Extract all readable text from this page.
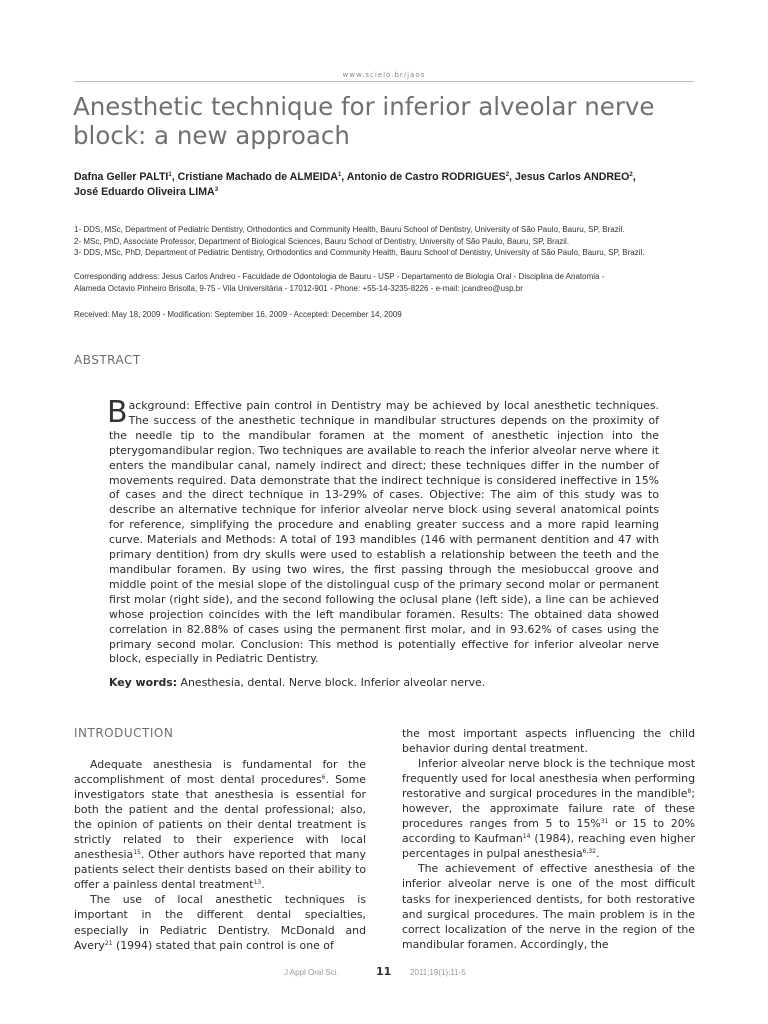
www.scielo.br/jaos
Anesthetic technique for inferior alveolar nerve block: a new approach
Dafna Geller PALTI$^1$, Cristiane Machado de ALMEIDA$^1$, Antonio de Castro RODRIGUES$^2$, Jesus Carlos ANDREO$^2$,
José Eduardo Oliveira LIMA$^3$
1- DDS, MSc, Department of Pediatric Dentistry, Orthodontics and Community Health, Bauru School of Dentistry, University of São Paulo, Bauru, SP, Brazil.
2- MSc, PhD, Associate Professor, Department of Biological Sciences, Bauru School of Dentistry, University of São Paulo, Bauru, SP, Brazil.
3- DDS, MSc, PhD, Department of Pediatric Dentistry, Orthodontics and Community Health, Bauru School of Dentistry, University of São Paulo, Bauru, SP, Brazil.
Corresponding address: Jesus Carlos Andreo - Faculdade de Odontologia de Bauru - USP - Departamento de Biologia Oral - Disciplina de Anatomia -
Alameda Octavio Pinheiro Brisolla, 9-75 - Vila Universitária - 17012-901 - Phone: +55-14-3235-8226 - e-mail: jcandreo@usp.br
Received: May 18, 2009 - Modification: September 16, 2009 - Accepted: December 14, 2009
ABSTRACT
Background: Effective pain control in Dentistry may be achieved by local anesthetic techniques. The success of the anesthetic technique in mandibular structures depends on the proximity of the needle tip to the mandibular foramen at the moment of anesthetic injection into the pterygomandibular region. Two techniques are available to reach the inferior alveolar nerve where it enters the mandibular canal, namely indirect and direct; these techniques differ in the number of movements required. Data demonstrate that the indirect technique is considered ineffective in 15% of cases and the direct technique in 13-29% of cases. Objective: The aim of this study was to describe an alternative technique for inferior alveolar nerve block using several anatomical points for reference, simplifying the procedure and enabling greater success and a more rapid learning curve. Materials and Methods: A total of 193 mandibles (146 with permanent dentition and 47 with primary dentition) from dry skulls were used to establish a relationship between the teeth and the mandibular foramen. By using two wires, the first passing through the mesiobuccal groove and middle point of the mesial slope of the distolingual cusp of the primary second molar or permanent first molar (right side), and the second following the oclusal plane (left side), a line can be achieved whose projection coincides with the left mandibular foramen. Results: The obtained data showed correlation in 82.88% of cases using the permanent first molar, and in 93.62% of cases using the primary second molar. Conclusion: This method is potentially effective for inferior alveolar nerve block, especially in Pediatric Dentistry.
Key words: Anesthesia, dental. Nerve block. Inferior alveolar nerve.
INTRODUCTION

Adequate anesthesia is fundamental for the accomplishment of most dental procedures$^6$. Some investigators state that anesthesia is essential for both the patient and the dental professional; also, the opinion of patients on their dental treatment is strictly related to their experience with local anesthesia$^{15}$. Other authors have reported that many patients select their dentists based on their ability to offer a painless dental treatment$^{13}$.

The use of local anesthetic techniques is important in the different dental specialties, especially in Pediatric Dentistry. McDonald and Avery$^{21}$ (1994) stated that pain control is one of

the most important aspects influencing the child behavior during dental treatment.

Inferior alveolar nerve block is the technique most frequently used for local anesthesia when performing restorative and surgical procedures in the mandible$^8$; however, the approximate failure rate of these procedures ranges from 5 to 15%$^{31}$ or 15 to 20% according to Kaufman$^{14}$ (1984), reaching even higher percentages in pulpal anesthesia$^{6,32}$.

The achievement of effective anesthesia of the inferior alveolar nerve is one of the most difficult tasks for inexperienced dentists, for both restorative and surgical procedures. The main problem is in the correct localization of the nerve in the region of the mandibular foramen. Accordingly, the

J Appl Oral Sci.	11 2011;19(1):11-5
